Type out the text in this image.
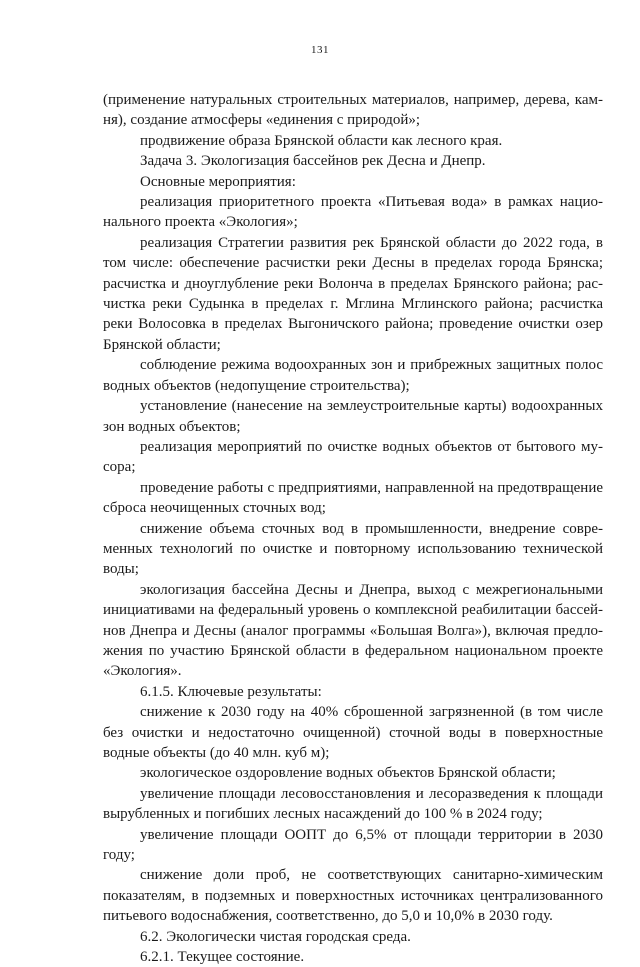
131

(применение натуральных строительных материалов, например, дерева, кам-ня), создание атмосферы «единения с природой»;

продвижение образа Брянской области как лесного края.

Задача 3. Экологизация бассейнов рек Десна и Днепр.

Основные мероприятия:

реализация приоритетного проекта «Питьевая вода» в рамках нацио-нального проекта «Экология»;

реализация Стратегии развития рек Брянской области до 2022 года, в том числе: обеспечение расчистки реки Десны в пределах города Брянска; расчистка и дноуглубление реки Волонча в пределах Брянского района; рас-чистка реки Судынка в пределах г. Мглина Мглинского района; расчистка реки Волосовка в пределах Выгоничского района; проведение очистки озер Брянской области;

соблюдение режима водоохранных зон и прибрежных защитных полос водных объектов (недопущение строительства);

установление (нанесение на землеустроительные карты) водоохранных зон водных объектов;

реализация мероприятий по очистке водных объектов от бытового му-сора;

проведение работы с предприятиями, направленной на предотвращение сброса неочищенных сточных вод;

снижение объема сточных вод в промышленности, внедрение совре-менных технологий по очистке и повторному использованию технической воды;

экологизация бассейна Десны и Днепра, выход с межрегиональными инициативами на федеральный уровень о комплексной реабилитации бассей-нов Днепра и Десны (аналог программы «Большая Волга»), включая предло-жения по участию Брянской области в федеральном национальном проекте «Экология».

6.1.5. Ключевые результаты:

снижение к 2030 году на 40% сброшенной загрязненной (в том числе без очистки и недостаточно очищенной) сточной воды в поверхностные водные объекты (до 40 млн. куб м);

экологическое оздоровление водных объектов Брянской области;

увеличение площади лесовосстановления и лесоразведения к площади вырубленных и погибших лесных насаждений до 100 % в 2024 году;

увеличение площади ООПТ до 6,5% от площади территории в 2030 году;

снижение доли проб, не соответствующих санитарно-химическим показателям, в подземных и поверхностных источниках централизованного питьевого водоснабжения, соответственно, до 5,0 и 10,0% в 2030 году.

6.2. Экологически чистая городская среда.

6.2.1. Текущее состояние.
